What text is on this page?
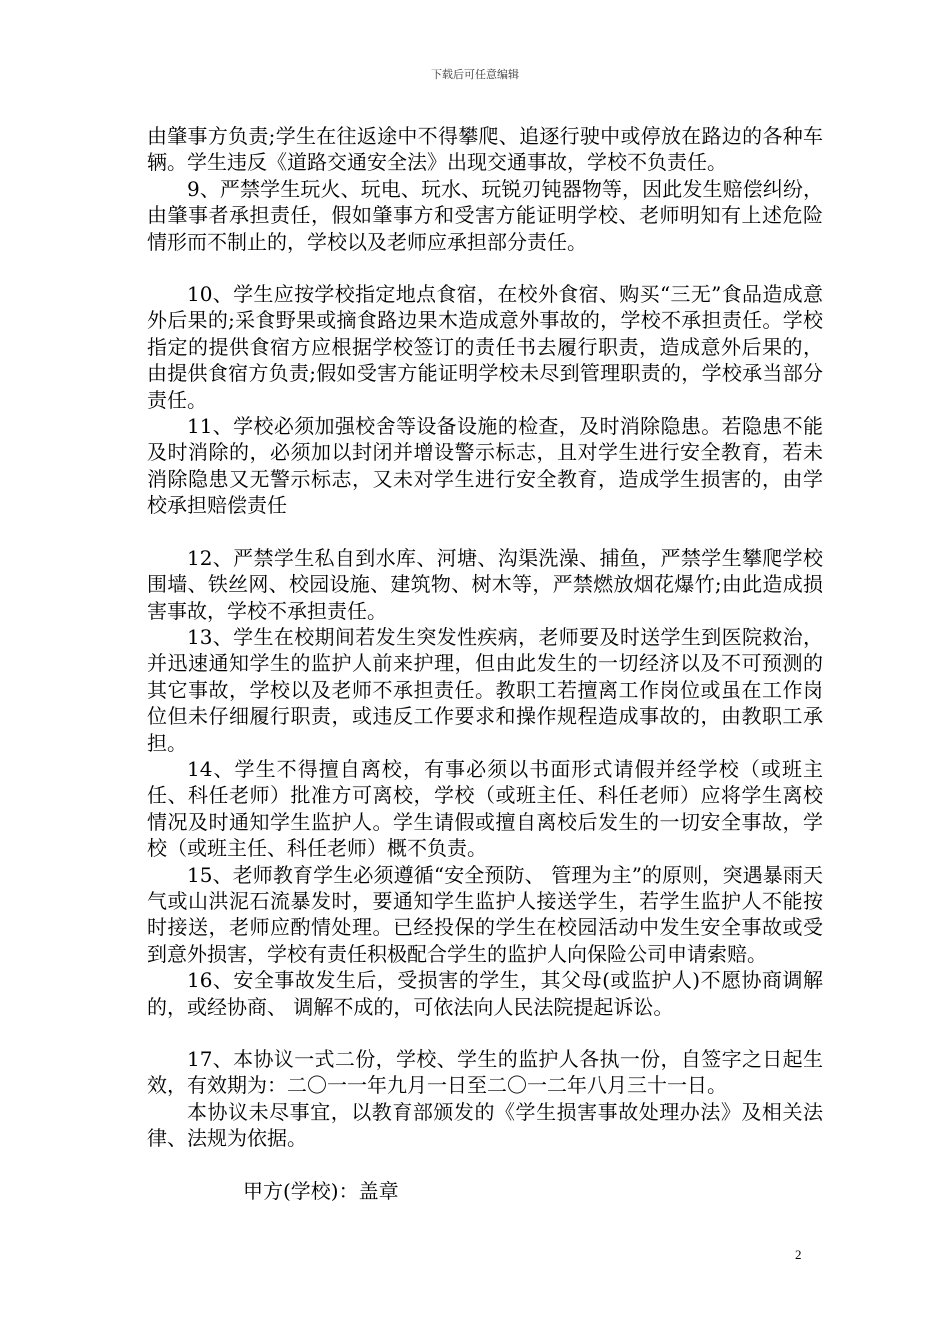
下载后可任意编辑

由肇事方负责;学生在往返途中不得攀爬、追逐行驶中或停放在路边的各种车辆。学生违反《道路交通安全法》出现交通事故，学校不负责任。

9、严禁学生玩火、玩电、玩水、玩锐刃钝器物等，因此发生赔偿纠纷，由肇事者承担责任，假如肇事方和受害方能证明学校、老师明知有上述危险情形而不制止的，学校以及老师应承担部分责任。

10、学生应按学校指定地点食宿，在校外食宿、购买“三无”食品造成意外后果的;采食野果或摘食路边果木造成意外事故的，学校不承担责任。学校指定的提供食宿方应根据学校签订的责任书去履行职责，造成意外后果的，由提供食宿方负责;假如受害方能证明学校未尽到管理职责的，学校承当部分责任。

11、学校必须加强校舍等设备设施的检查，及时消除隐患。若隐患不能及时消除的，必须加以封闭并增设警示标志，且对学生进行安全教育，若未消除隐患又无警示标志，又未对学生进行安全教育，造成学生损害的，由学校承担赔偿责任

12、严禁学生私自到水库、河塘、沟渠洗澡、捕鱼，严禁学生攀爬学校围墙、铁丝网、校园设施、建筑物、树木等，严禁燃放烟花爆竹;由此造成损害事故，学校不承担责任。

13、学生在校期间若发生突发性疾病，老师要及时送学生到医院救治，并迅速通知学生的监护人前来护理，但由此发生的一切经济以及不可预测的其它事故，学校以及老师不承担责任。教职工若擅离工作岗位或虽在工作岗位但未仔细履行职责，或违反工作要求和操作规程造成事故的，由教职工承担。

14、学生不得擅自离校，有事必须以书面形式请假并经学校（或班主任、科任老师）批准方可离校，学校（或班主任、科任老师）应将学生离校情况及时通知学生监护人。学生请假或擅自离校后发生的一切安全事故，学校（或班主任、科任老师）概不负责。

15、老师教育学生必须遵循“安全预防、 管理为主”的原则，突遇暴雨天气或山洪泥石流暴发时，要通知学生监护人接送学生，若学生监护人不能按时接送，老师应酌情处理。已经投保的学生在校园活动中发生安全事故或受到意外损害，学校有责任积极配合学生的监护人向保险公司申请索赔。

16、安全事故发生后，受损害的学生，其父母(或监护人)不愿协商调解的，或经协商、 调解不成的，可依法向人民法院提起诉讼。

17、本协议一式二份，学校、学生的监护人各执一份，自签字之日起生效，有效期为：二〇一一年九月一日至二〇一二年八月三十一日。

本协议未尽事宜，以教育部颁发的《学生损害事故处理办法》及相关法律、法规为依据。

甲方(学校)：盖章

2
